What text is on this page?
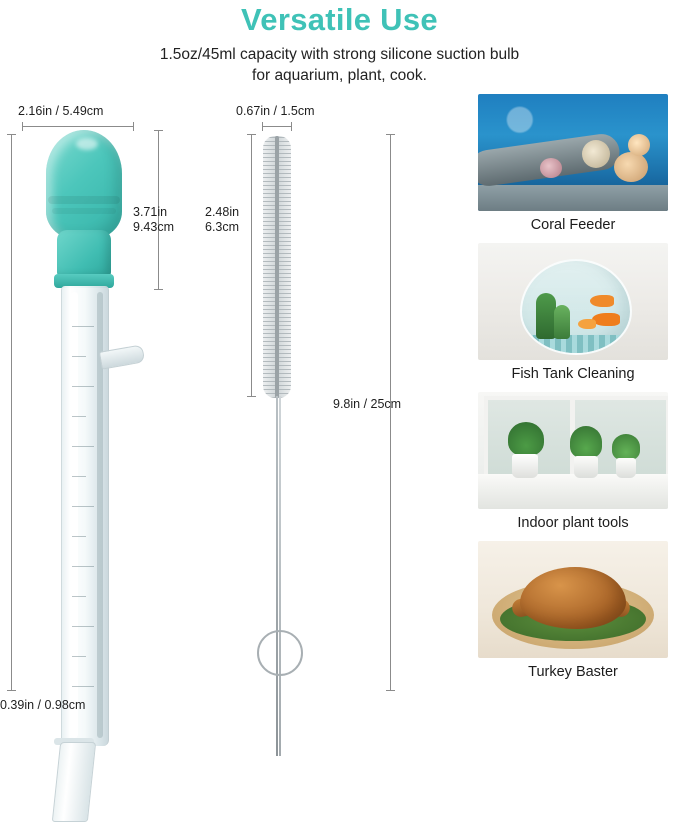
Versatile Use
1.5oz/45ml capacity with strong silicone suction bulb
for aquarium, plant, cook.
2.16in / 5.49cm
3.71in
9.43cm
0.39in / 0.98cm
0.67in / 1.5cm
2.48in
6.3cm
9.8in / 25cm
Coral Feeder
Fish Tank Cleaning
Indoor plant tools
Turkey Baster
